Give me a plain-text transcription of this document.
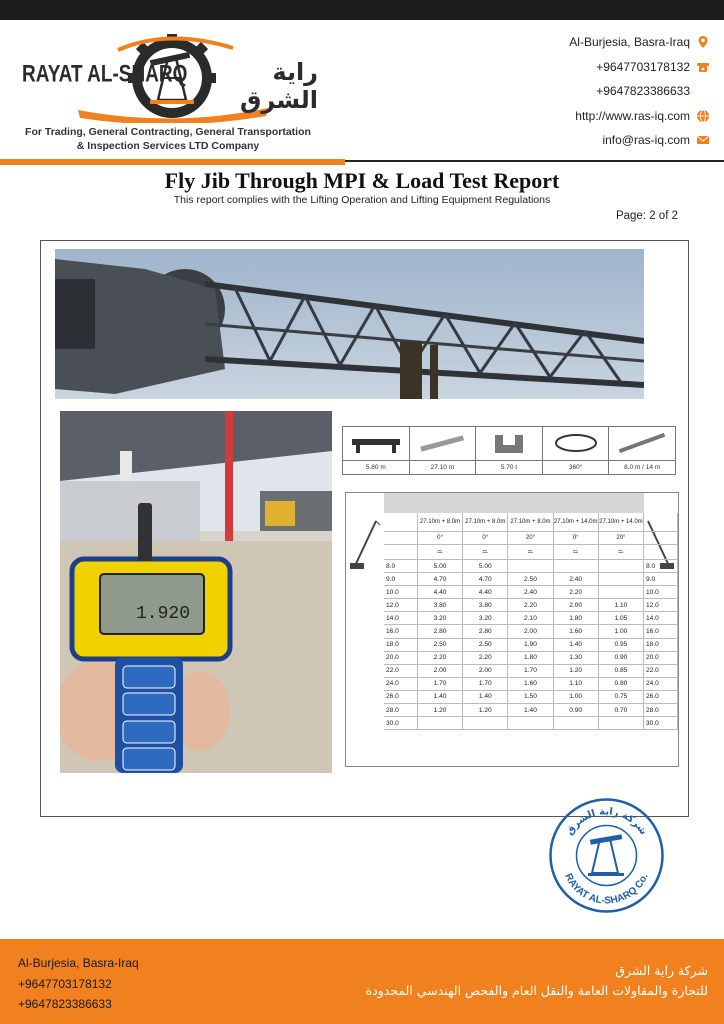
RAYAT AL-SHARQ	راية الشرق
For Trading, General Contracting, General Transportation
& Inspection Services LTD Company
Al-Burjesia, Basra-Iraq
+9647703178132
+9647823386633
http://www.ras-iq.com
info@ras-iq.com
Fly Jib Through MPI & Load Test Report
This report complies with the Lifting Operation and Lifting Equipment Regulations
Page: 2 of 2
1.920

5.80 m	27.10 m	5.70 t	360°	8.0 m / 14 m
	27.10m + 8.0m	27.10m + 8.0m	27.10m + 8.0m	27.10m + 14.0m	27.10m + 14.0m	
	0°	0°	20°	0°	20°	
	⏢	⏢	⏢	⏢	⏢	
8.0	5.00	5.00				8.0
9.0	4.70	4.70	2.50	2.40		9.0
10.0	4.40	4.40	2.40	2.20		10.0
12.0	3.80	3.80	2.20	2.00	1.10	12.0
14.0	3.20	3.20	2.10	1.80	1.05	14.0
16.0	2.80	2.80	2.00	1.60	1.00	16.0
18.0	2.50	2.50	1.90	1.40	0.95	18.0
20.0	2.20	2.20	1.80	1.30	0.90	20.0
22.0	2.00	2.00	1.70	1.20	0.85	22.0
24.0	1.70	1.70	1.60	1.10	0.80	24.0
26.0	1.40	1.40	1.50	1.00	0.75	26.0
28.0	1.20	1.20	1.40	0.90	0.70	28.0
30.0						30.0
شركة راية الشرق
RAYAT AL-SHARQ Co.
Al-Burjesia, Basra-Iraq
+9647703178132
+9647823386633
شركة راية الشرق
للتجارة والمقاولات العامة والنقل العام والفحص الهندسي المحدودة
